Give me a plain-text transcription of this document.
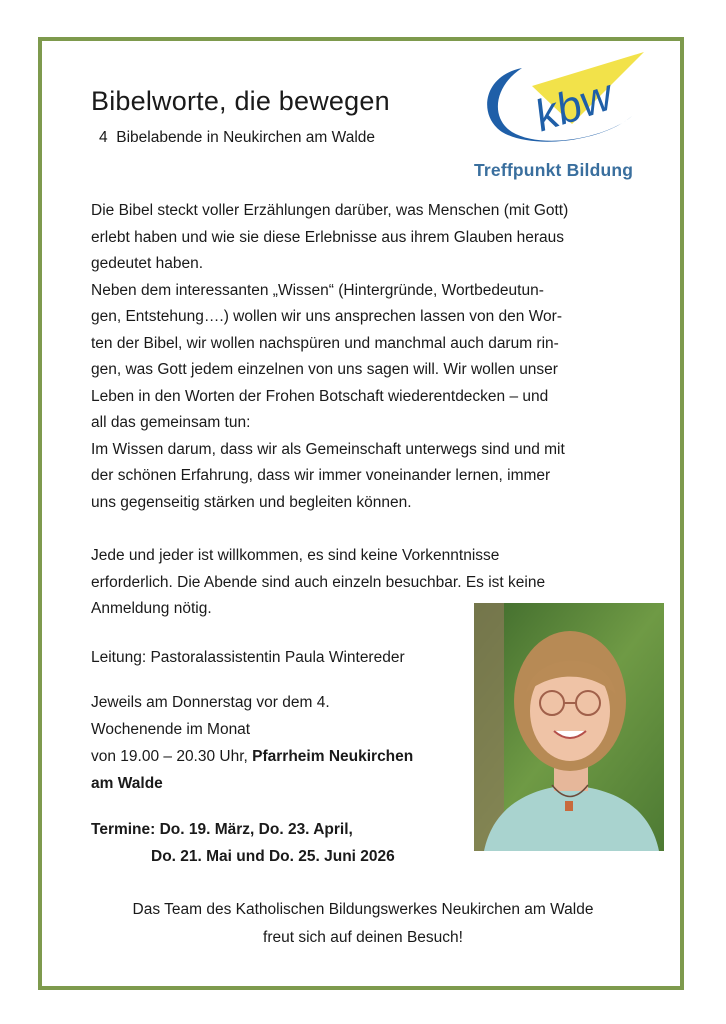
Bibelworte, die bewegen
4  Bibelabende in Neukirchen am Walde	kbw
Treffpunkt Bildung
Die Bibel steckt voller Erzählungen darüber, was Menschen (mit Gott)
erlebt haben und wie sie diese Erlebnisse aus ihrem Glauben heraus
gedeutet haben.
Neben dem interessanten „Wissen“ (Hintergründe, Wortbedeutun-
gen, Entstehung….) wollen wir uns ansprechen lassen von den Wor-
ten der Bibel, wir wollen nachspüren und manchmal auch darum rin-
gen, was Gott jedem einzelnen von uns sagen will. Wir wollen unser
Leben in den Worten der Frohen Botschaft wiederentdecken – und
all das gemeinsam tun:
Im Wissen darum, dass wir als Gemeinschaft unterwegs sind und mit
der schönen Erfahrung, dass wir immer voneinander lernen, immer
uns gegenseitig stärken und begleiten können.
Jede und jeder ist willkommen, es sind keine Vorkenntnisse
erforderlich. Die Abende sind auch einzeln besuchbar. Es ist keine
Anmeldung nötig.
Leitung: Pastoralassistentin Paula Wintereder
Jeweils am Donnerstag vor dem 4.
Wochenende im Monat
von 19.00 – 20.30 Uhr, Pfarrheim Neukirchen
am Walde
Termine: Do. 19. März, Do. 23. April,
Do. 21. Mai und Do. 25. Juni 2026
Das Team des Katholischen Bildungswerkes Neukirchen am Walde
freut sich auf deinen Besuch!
